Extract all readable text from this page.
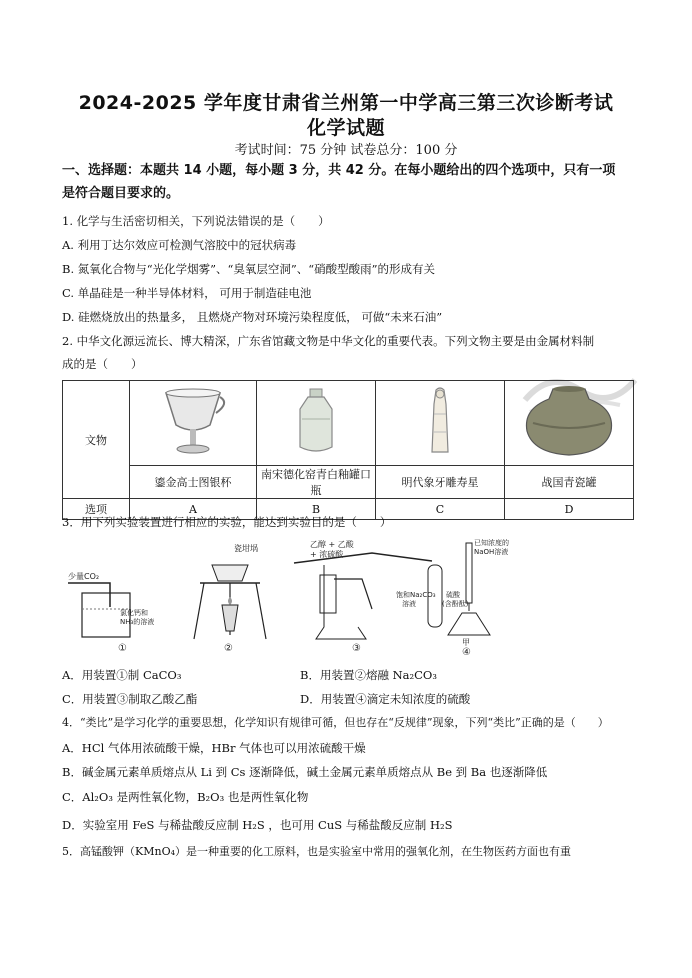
2024-2025 学年度甘肃省兰州第一中学高三第三次诊断考试
化学试题
考试时间：75 分钟 试卷总分：100 分
一、选择题：本题共 14 小题，每小题 3 分，共 42 分。在每小题给出的四个选项中，只有一项
是符合题目要求的。
1. 化学与生活密切相关，下列说法错误的是（　　）
A. 利用丁达尔效应可检测气溶胶中的冠状病毒
B. 氮氧化合物与“光化学烟雾”、“臭氧层空洞”、“硝酸型酸雨”的形成有关
C. 单晶硅是一种半导体材料， 可用于制造硅电池
D. 硅燃烧放出的热量多， 且燃烧产物对环境污染程度低， 可做“未来石油”
2. 中华文化源远流长、博大精深，广东省馆藏文物是中华文化的重要代表。下列文物主要是由金属材料制
成的是（　　）
文物				
	鎏金高士图银杯	南宋德化窑青白釉罐口瓶	明代象牙雕寿星	战国青瓷罐
选项	A	B	C	D
3．用下列实验装置进行相应的实验，能达到实验目的是（　　）
少量CO₂
氯化钙和
NH₃的溶液
①
瓷坩埚
②
乙醇 + 乙酸
+ 浓硫酸
饱和Na₂CO₃
溶液
③
已知浓度的
NaOH溶液
硫酸
(含酚酞)
甲
④
A．用装置①制 CaCO₃	B．用装置②熔融 Na₂CO₃
C．用装置③制取乙酸乙酯	D．用装置④滴定未知浓度的硫酸
4．“类比”是学习化学的重要思想，化学知识有规律可循，但也存在“反规律”现象，下列“类比”正确的是（　　）
A．HCl 气体用浓硫酸干燥，HBr 气体也可以用浓硫酸干燥
B．碱金属元素单质熔点从 Li 到 Cs 逐渐降低，碱土金属元素单质熔点从 Be 到 Ba 也逐渐降低
C．Al₂O₃ 是两性氧化物，B₂O₃ 也是两性氧化物
D．实验室用 FeS 与稀盐酸反应制 H₂S ，也可用 CuS 与稀盐酸反应制 H₂S
5．高锰酸钾（KMnO₄）是一种重要的化工原料，也是实验室中常用的强氧化剂，在生物医药方面也有重
